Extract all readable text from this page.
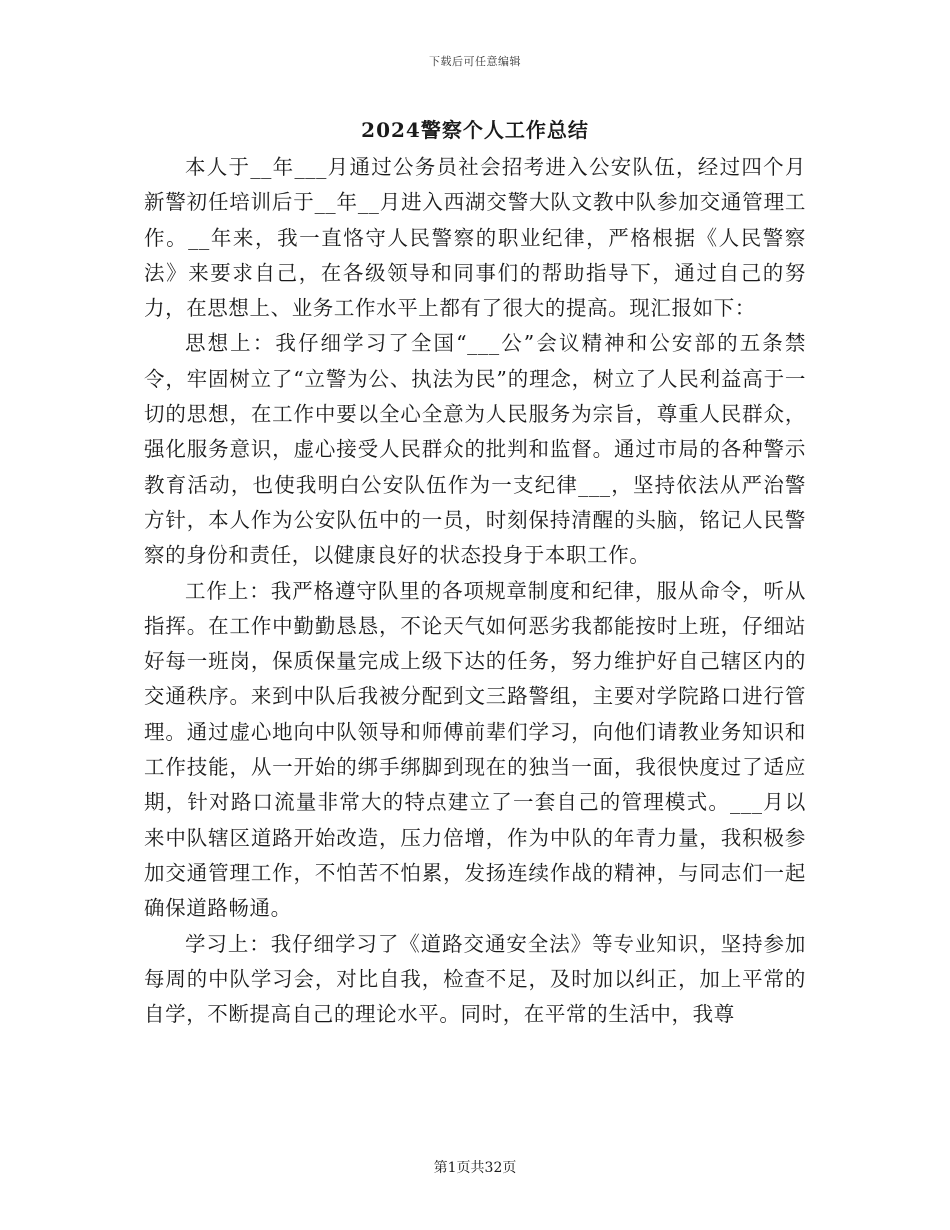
下载后可任意编辑
2024警察个人工作总结

本人于__年___月通过公务员社会招考进入公安队伍，经过四个月新警初任培训后于__年__月进入西湖交警大队文教中队参加交通管理工作。__年来，我一直恪守人民警察的职业纪律，严格根据《人民警察法》来要求自己，在各级领导和同事们的帮助指导下，通过自己的努力，在思想上、业务工作水平上都有了很大的提高。现汇报如下：

思想上：我仔细学习了全国“___公”会议精神和公安部的五条禁令，牢固树立了“立警为公、执法为民”的理念，树立了人民利益高于一切的思想，在工作中要以全心全意为人民服务为宗旨，尊重人民群众，强化服务意识，虚心接受人民群众的批判和监督。通过市局的各种警示教育活动，也使我明白公安队伍作为一支纪律___，坚持依法从严治警方针，本人作为公安队伍中的一员，时刻保持清醒的头脑，铭记人民警察的身份和责任，以健康良好的状态投身于本职工作。

工作上：我严格遵守队里的各项规章制度和纪律，服从命令，听从指挥。在工作中勤勤恳恳，不论天气如何恶劣我都能按时上班，仔细站好每一班岗，保质保量完成上级下达的任务，努力维护好自己辖区内的交通秩序。来到中队后我被分配到文三路警组，主要对学院路口进行管理。通过虚心地向中队领导和师傅前辈们学习，向他们请教业务知识和工作技能，从一开始的绑手绑脚到现在的独当一面，我很快度过了适应期，针对路口流量非常大的特点建立了一套自己的管理模式。___月以来中队辖区道路开始改造，压力倍增，作为中队的年青力量，我积极参加交通管理工作，不怕苦不怕累，发扬连续作战的精神，与同志们一起确保道路畅通。

学习上：我仔细学习了《道路交通安全法》等专业知识，坚持参加每周的中队学习会，对比自我，检查不足，及时加以纠正，加上平常的自学，不断提高自己的理论水平。同时，在平常的生活中，我尊

第1页共32页
